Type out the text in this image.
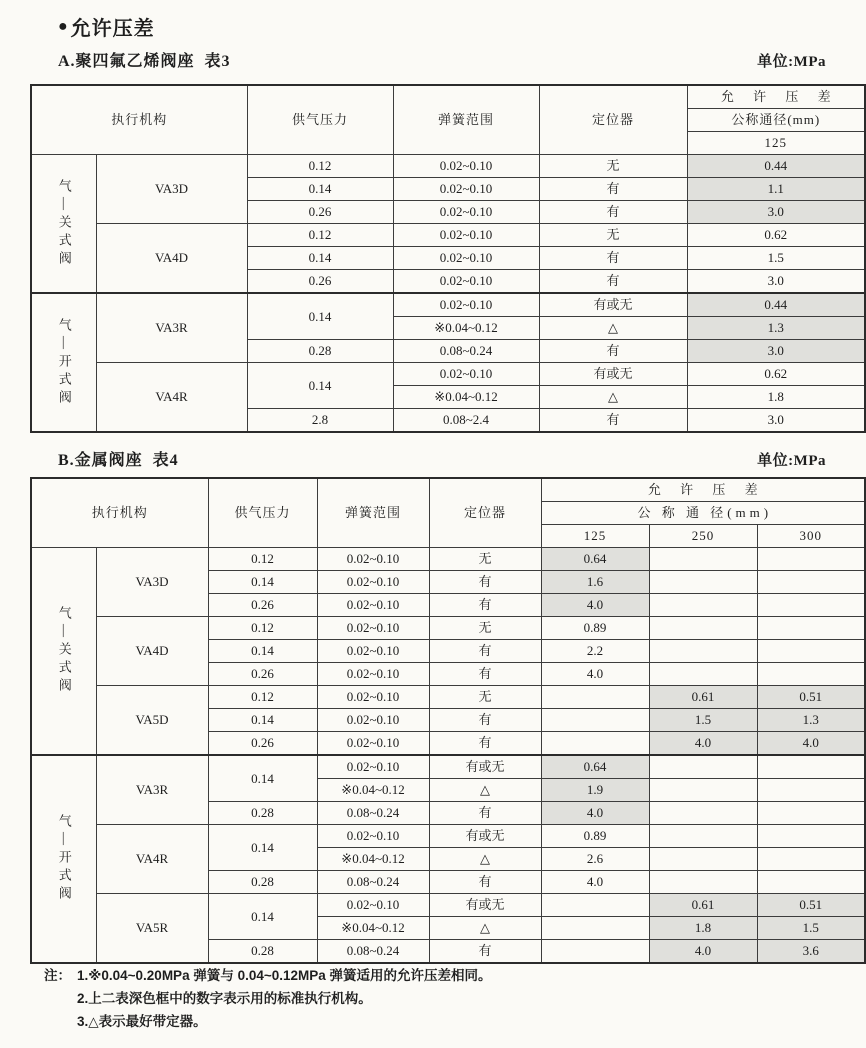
● 允许压差
A.聚四氟乙烯阀座  表3	单位:MPa
执行机构		供气压力	弹簧范围	定位器	允 许 压 差
					公称通径(mm)
					125
气—关式阀	VA3D	0.12	0.02~0.10	无	0.44
		0.14	0.02~0.10	有	1.1
		0.26	0.02~0.10	有	3.0
	VA4D	0.12	0.02~0.10	无	0.62
		0.14	0.02~0.10	有	1.5
		0.26	0.02~0.10	有	3.0
气—开式阀	VA3R	0.14	0.02~0.10	有或无	0.44
			※0.04~0.12	△	1.3
		0.28	0.08~0.24	有	3.0
	VA4R	0.14	0.02~0.10	有或无	0.62
			※0.04~0.12	△	1.8
		2.8	0.08~2.4	有	3.0
B.金属阀座  表4	单位:MPa
执行机构		供气压力	弹簧范围	定位器	允 许 压 差		
					公 称 通 径(mm)		
					125	250	300
气—关式阀	VA3D	0.12	0.02~0.10	无	0.64		
		0.14	0.02~0.10	有	1.6		
		0.26	0.02~0.10	有	4.0		
	VA4D	0.12	0.02~0.10	无	0.89		
		0.14	0.02~0.10	有	2.2		
		0.26	0.02~0.10	有	4.0		
	VA5D	0.12	0.02~0.10	无		0.61	0.51
		0.14	0.02~0.10	有		1.5	1.3
		0.26	0.02~0.10	有		4.0	4.0
气—开式阀	VA3R	0.14	0.02~0.10	有或无	0.64		
			※0.04~0.12	△	1.9		
		0.28	0.08~0.24	有	4.0		
	VA4R	0.14	0.02~0.10	有或无	0.89		
			※0.04~0.12	△	2.6		
		0.28	0.08~0.24	有	4.0		
	VA5R	0.14	0.02~0.10	有或无		0.61	0.51
			※0.04~0.12	△		1.8	1.5
		0.28	0.08~0.24	有		4.0	3.6
注： 1.※0.04~0.20MPa 弹簧与 0.04~0.12MPa 弹簧适用的允许压差相同。
2.上二表深色框中的数字表示用的标准执行机构。
3.△表示最好带定器。
